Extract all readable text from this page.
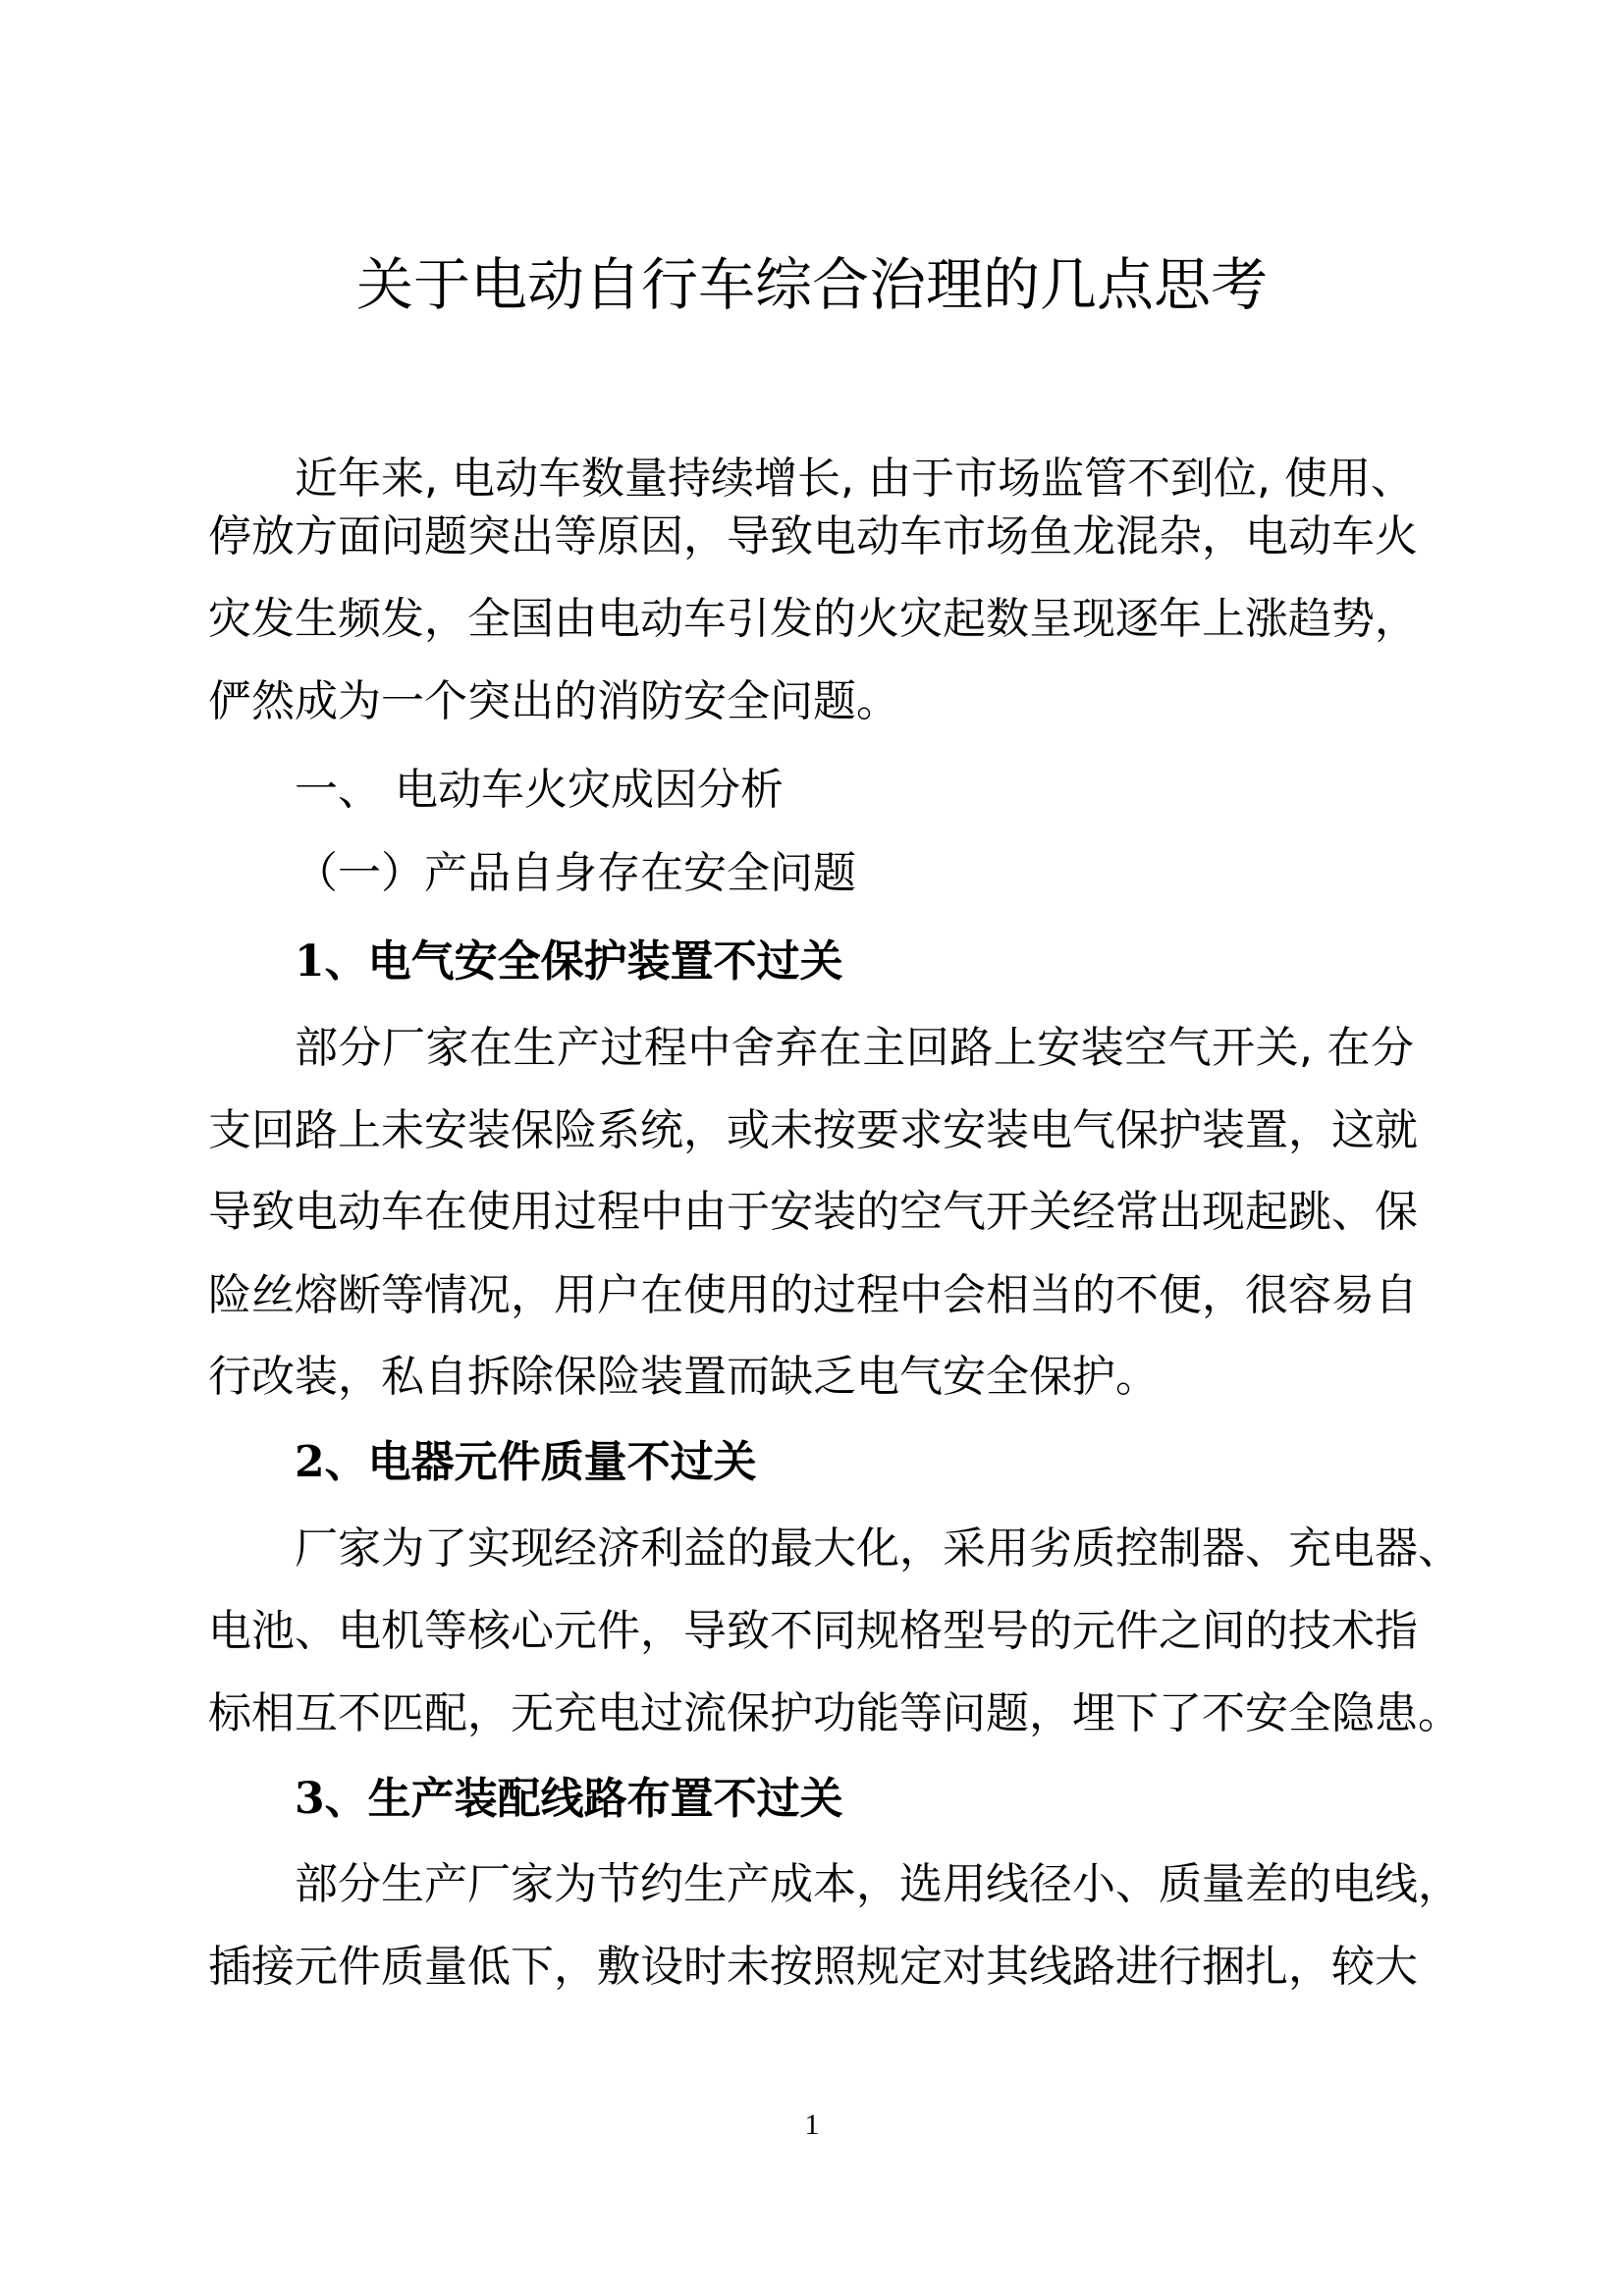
关于电动自行车综合治理的几点思考

近年来, 电动车数量持续增长, 由于市场监管不到位, 使用、

停放方面问题突出等原因，导致电动车市场鱼龙混杂，电动车火

灾发生频发，全国由电动车引发的火灾起数呈现逐年上涨趋势，

俨然成为一个突出的消防安全问题。

一、 电动车火灾成因分析

（一）产品自身存在安全问题

1、电气安全保护装置不过关

部分厂家在生产过程中舍弃在主回路上安装空气开关, 在分

支回路上未安装保险系统，或未按要求安装电气保护装置，这就

导致电动车在使用过程中由于安装的空气开关经常出现起跳、保

险丝熔断等情况，用户在使用的过程中会相当的不便，很容易自

行改装，私自拆除保险装置而缺乏电气安全保护。

2、电器元件质量不过关

厂家为了实现经济利益的最大化，采用劣质控制器、充电器、

电池、电机等核心元件，导致不同规格型号的元件之间的技术指

标相互不匹配，无充电过流保护功能等问题，埋下了不安全隐患。

3、生产装配线路布置不过关

部分生产厂家为节约生产成本，选用线径小、质量差的电线，

插接元件质量低下，敷设时未按照规定对其线路进行捆扎，较大

1
